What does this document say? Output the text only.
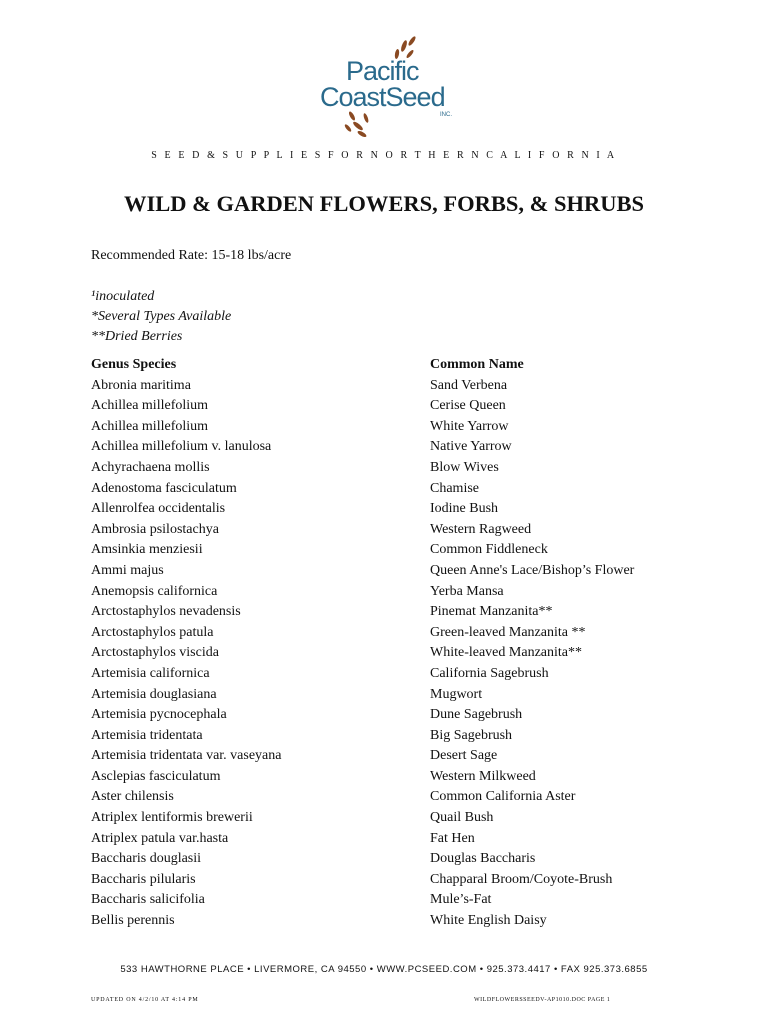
Pacific
CoastSeed
INC.
S E E D & S U P P L I E S F O R N O R T H E R N C A L I F O R N I A
WILD & GARDEN FLOWERS, FORBS, & SHRUBS
Recommended Rate: 15-18 lbs/acre
¹inoculated
*Several Types Available
**Dried Berries
Genus Species	Common Name
Abronia maritima	Sand Verbena
Achillea millefolium	Cerise Queen
Achillea millefolium	White Yarrow
Achillea millefolium v. lanulosa	Native Yarrow
Achyrachaena mollis	Blow Wives
Adenostoma fasciculatum	Chamise
Allenrolfea occidentalis	Iodine Bush
Ambrosia psilostachya	Western Ragweed
Amsinkia menziesii	Common Fiddleneck
Ammi majus	Queen Anne's Lace/Bishop’s Flower
Anemopsis californica	Yerba Mansa
Arctostaphylos nevadensis	Pinemat Manzanita**
Arctostaphylos patula	Green-leaved Manzanita **
Arctostaphylos viscida	White-leaved Manzanita**
Artemisia californica	California Sagebrush
Artemisia douglasiana	Mugwort
Artemisia pycnocephala	Dune Sagebrush
Artemisia tridentata	Big Sagebrush
Artemisia tridentata var. vaseyana	Desert Sage
Asclepias fasciculatum	Western Milkweed
Aster chilensis	Common California Aster
Atriplex lentiformis brewerii	Quail Bush
Atriplex patula var.hasta	Fat Hen
Baccharis douglasii	Douglas Baccharis
Baccharis pilularis	Chapparal Broom/Coyote-Brush
Baccharis salicifolia	Mule’s-Fat
Bellis perennis	White English Daisy
533 HAWTHORNE PLACE • LIVERMORE, CA 94550 • WWW.PCSEED.COM • 925.373.4417 • FAX 925.373.6855
UPDATED ON 4/2/10 AT 4:14 PM	WILDFLOWERSSEEDV-AP1010.DOC PAGE 1
